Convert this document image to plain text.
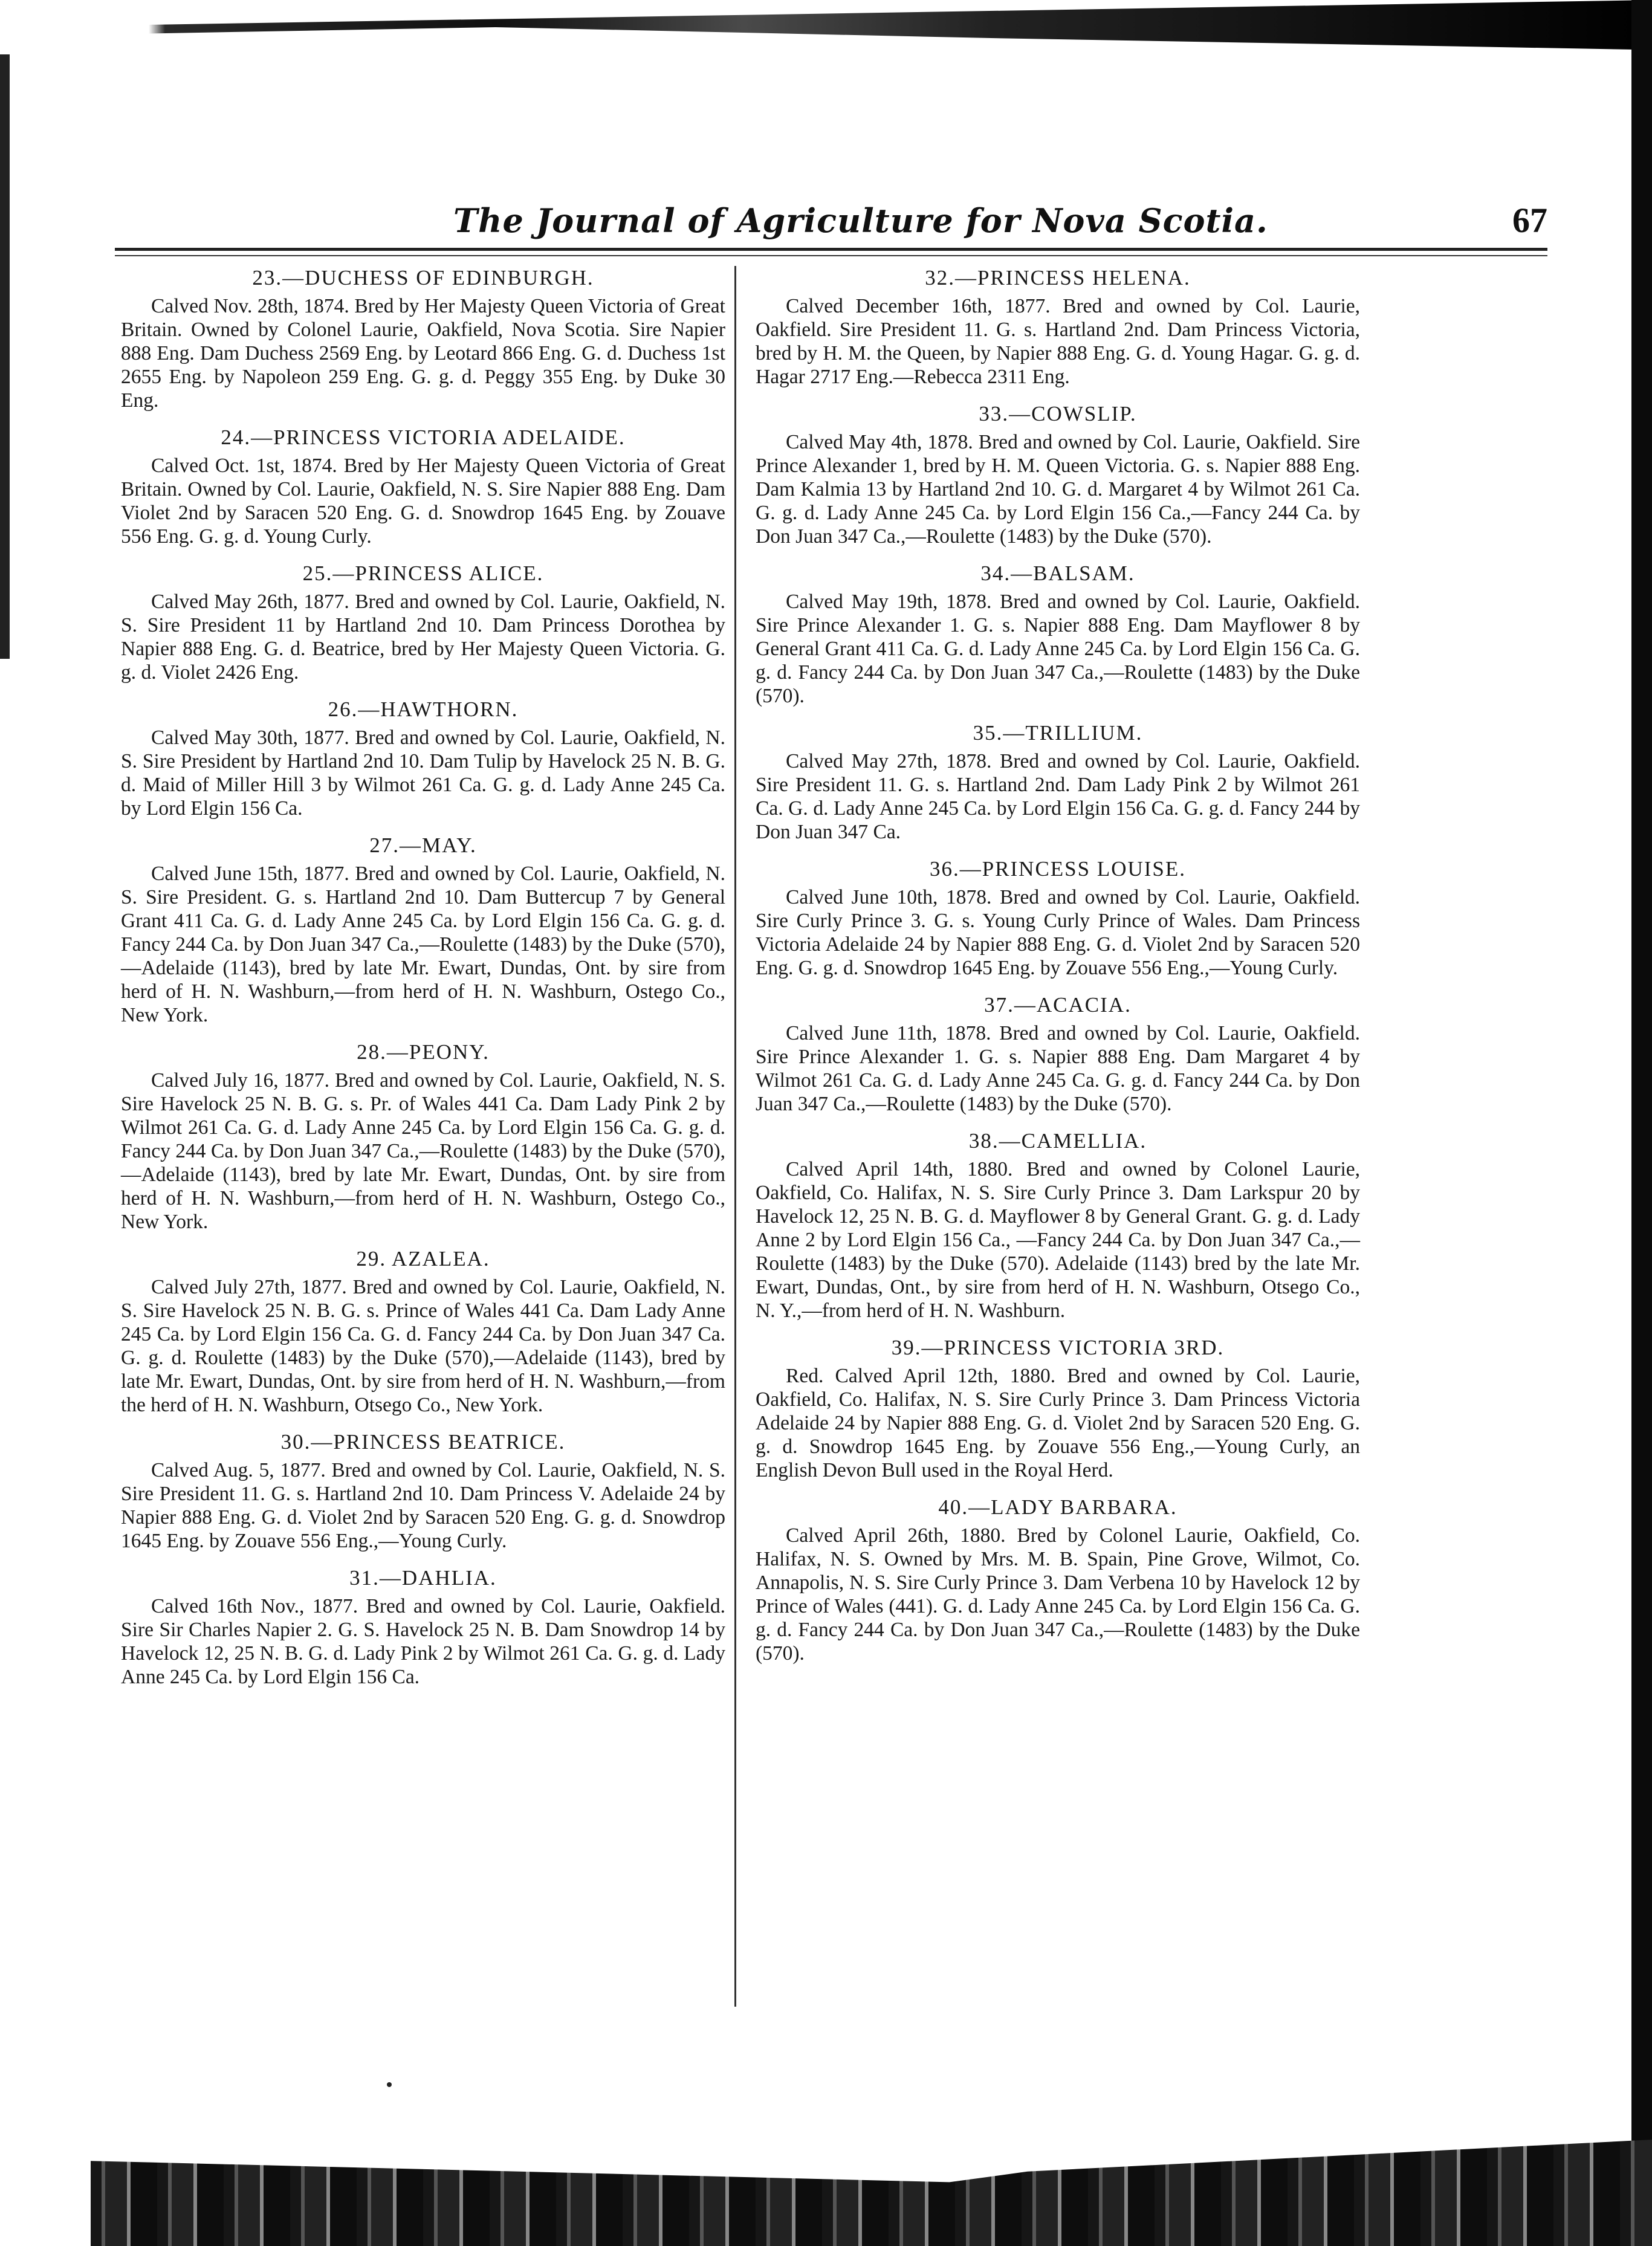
The Journal of Agriculture for Nova Scotia.	67
23.—DUCHESS OF EDINBURGH.

Calved Nov. 28th, 1874. Bred by Her Majesty Queen Victoria of Great Britain. Owned by Colonel Laurie, Oakfield, Nova Scotia. Sire Napier 888 Eng. Dam Duchess 2569 Eng. by Leotard 866 Eng. G. d. Duchess 1st 2655 Eng. by Napoleon 259 Eng. G. g. d. Peggy 355 Eng. by Duke 30 Eng.

24.—PRINCESS VICTORIA ADELAIDE.

Calved Oct. 1st, 1874. Bred by Her Majesty Queen Victoria of Great Britain. Owned by Col. Laurie, Oakfield, N. S. Sire Napier 888 Eng. Dam Violet 2nd by Saracen 520 Eng. G. d. Snowdrop 1645 Eng. by Zouave 556 Eng. G. g. d. Young Curly.

25.—PRINCESS ALICE.

Calved May 26th, 1877. Bred and owned by Col. Laurie, Oakfield, N. S. Sire President 11 by Hartland 2nd 10. Dam Princess Dorothea by Napier 888 Eng. G. d. Beatrice, bred by Her Majesty Queen Victoria. G. g. d. Violet 2426 Eng.

26.—HAWTHORN.

Calved May 30th, 1877. Bred and owned by Col. Laurie, Oakfield, N. S. Sire President by Hartland 2nd 10. Dam Tulip by Havelock 25 N. B. G. d. Maid of Miller Hill 3 by Wilmot 261 Ca. G. g. d. Lady Anne 245 Ca. by Lord Elgin 156 Ca.

27.—MAY.

Calved June 15th, 1877. Bred and owned by Col. Laurie, Oakfield, N. S. Sire President. G. s. Hartland 2nd 10. Dam Buttercup 7 by General Grant 411 Ca. G. d. Lady Anne 245 Ca. by Lord Elgin 156 Ca. G. g. d. Fancy 244 Ca. by Don Juan 347 Ca.,—Roulette (1483) by the Duke (570),—Adelaide (1143), bred by late Mr. Ewart, Dundas, Ont. by sire from herd of H. N. Washburn,—from herd of H. N. Washburn, Ostego Co., New York.

28.—PEONY.

Calved July 16, 1877. Bred and owned by Col. Laurie, Oakfield, N. S. Sire Havelock 25 N. B. G. s. Pr. of Wales 441 Ca. Dam Lady Pink 2 by Wilmot 261 Ca. G. d. Lady Anne 245 Ca. by Lord Elgin 156 Ca. G. g. d. Fancy 244 Ca. by Don Juan 347 Ca.,—Roulette (1483) by the Duke (570),—Adelaide (1143), bred by late Mr. Ewart, Dundas, Ont. by sire from herd of H. N. Washburn,—from herd of H. N. Washburn, Ostego Co., New York.

29. AZALEA.

Calved July 27th, 1877. Bred and owned by Col. Laurie, Oakfield, N. S. Sire Havelock 25 N. B. G. s. Prince of Wales 441 Ca. Dam Lady Anne 245 Ca. by Lord Elgin 156 Ca. G. d. Fancy 244 Ca. by Don Juan 347 Ca. G. g. d. Roulette (1483) by the Duke (570),—Adelaide (1143), bred by late Mr. Ewart, Dundas, Ont. by sire from herd of H. N. Washburn,—from the herd of H. N. Washburn, Otsego Co., New York.

30.—PRINCESS BEATRICE.

Calved Aug. 5, 1877. Bred and owned by Col. Laurie, Oakfield, N. S. Sire President 11. G. s. Hartland 2nd 10. Dam Princess V. Adelaide 24 by Napier 888 Eng. G. d. Violet 2nd by Saracen 520 Eng. G. g. d. Snowdrop 1645 Eng. by Zouave 556 Eng.,—Young Curly.

31.—DAHLIA.

Calved 16th Nov., 1877. Bred and owned by Col. Laurie, Oakfield. Sire Sir Charles Napier 2. G. S. Havelock 25 N. B. Dam Snowdrop 14 by Havelock 12, 25 N. B. G. d. Lady Pink 2 by Wilmot 261 Ca. G. g. d. Lady Anne 245 Ca. by Lord Elgin 156 Ca.

32.—PRINCESS HELENA.

Calved December 16th, 1877. Bred and owned by Col. Laurie, Oakfield. Sire President 11. G. s. Hartland 2nd. Dam Princess Victoria, bred by H. M. the Queen, by Napier 888 Eng. G. d. Young Hagar. G. g. d. Hagar 2717 Eng.—Rebecca 2311 Eng.

33.—COWSLIP.

Calved May 4th, 1878. Bred and owned by Col. Laurie, Oakfield. Sire Prince Alexander 1, bred by H. M. Queen Victoria. G. s. Napier 888 Eng. Dam Kalmia 13 by Hartland 2nd 10. G. d. Margaret 4 by Wilmot 261 Ca. G. g. d. Lady Anne 245 Ca. by Lord Elgin 156 Ca.,—Fancy 244 Ca. by Don Juan 347 Ca.,—Roulette (1483) by the Duke (570).

34.—BALSAM.

Calved May 19th, 1878. Bred and owned by Col. Laurie, Oakfield. Sire Prince Alexander 1. G. s. Napier 888 Eng. Dam Mayflower 8 by General Grant 411 Ca. G. d. Lady Anne 245 Ca. by Lord Elgin 156 Ca. G. g. d. Fancy 244 Ca. by Don Juan 347 Ca.,—Roulette (1483) by the Duke (570).

35.—TRILLIUM.

Calved May 27th, 1878. Bred and owned by Col. Laurie, Oakfield. Sire President 11. G. s. Hartland 2nd. Dam Lady Pink 2 by Wilmot 261 Ca. G. d. Lady Anne 245 Ca. by Lord Elgin 156 Ca. G. g. d. Fancy 244 by Don Juan 347 Ca.

36.—PRINCESS LOUISE.

Calved June 10th, 1878. Bred and owned by Col. Laurie, Oakfield. Sire Curly Prince 3. G. s. Young Curly Prince of Wales. Dam Princess Victoria Adelaide 24 by Napier 888 Eng. G. d. Violet 2nd by Saracen 520 Eng. G. g. d. Snowdrop 1645 Eng. by Zouave 556 Eng.,—Young Curly.

37.—ACACIA.

Calved June 11th, 1878. Bred and owned by Col. Laurie, Oakfield. Sire Prince Alexander 1. G. s. Napier 888 Eng. Dam Margaret 4 by Wilmot 261 Ca. G. d. Lady Anne 245 Ca. G. g. d. Fancy 244 Ca. by Don Juan 347 Ca.,—Roulette (1483) by the Duke (570).

38.—CAMELLIA.

Calved April 14th, 1880. Bred and owned by Colonel Laurie, Oakfield, Co. Halifax, N. S. Sire Curly Prince 3. Dam Larkspur 20 by Havelock 12, 25 N. B. G. d. Mayflower 8 by General Grant. G. g. d. Lady Anne 2 by Lord Elgin 156 Ca., —Fancy 244 Ca. by Don Juan 347 Ca.,—Roulette (1483) by the Duke (570). Adelaide (1143) bred by the late Mr. Ewart, Dundas, Ont., by sire from herd of H. N. Washburn, Otsego Co., N. Y.,—from herd of H. N. Washburn.

39.—PRINCESS VICTORIA 3RD.

Red. Calved April 12th, 1880. Bred and owned by Col. Laurie, Oakfield, Co. Halifax, N. S. Sire Curly Prince 3. Dam Princess Victoria Adelaide 24 by Napier 888 Eng. G. d. Violet 2nd by Saracen 520 Eng. G. g. d. Snowdrop 1645 Eng. by Zouave 556 Eng.,—Young Curly, an English Devon Bull used in the Royal Herd.

40.—LADY BARBARA.

Calved April 26th, 1880. Bred by Colonel Laurie, Oakfield, Co. Halifax, N. S. Owned by Mrs. M. B. Spain, Pine Grove, Wilmot, Co. Annapolis, N. S. Sire Curly Prince 3. Dam Verbena 10 by Havelock 12 by Prince of Wales (441). G. d. Lady Anne 245 Ca. by Lord Elgin 156 Ca. G. g. d. Fancy 244 Ca. by Don Juan 347 Ca.,—Roulette (1483) by the Duke (570).
